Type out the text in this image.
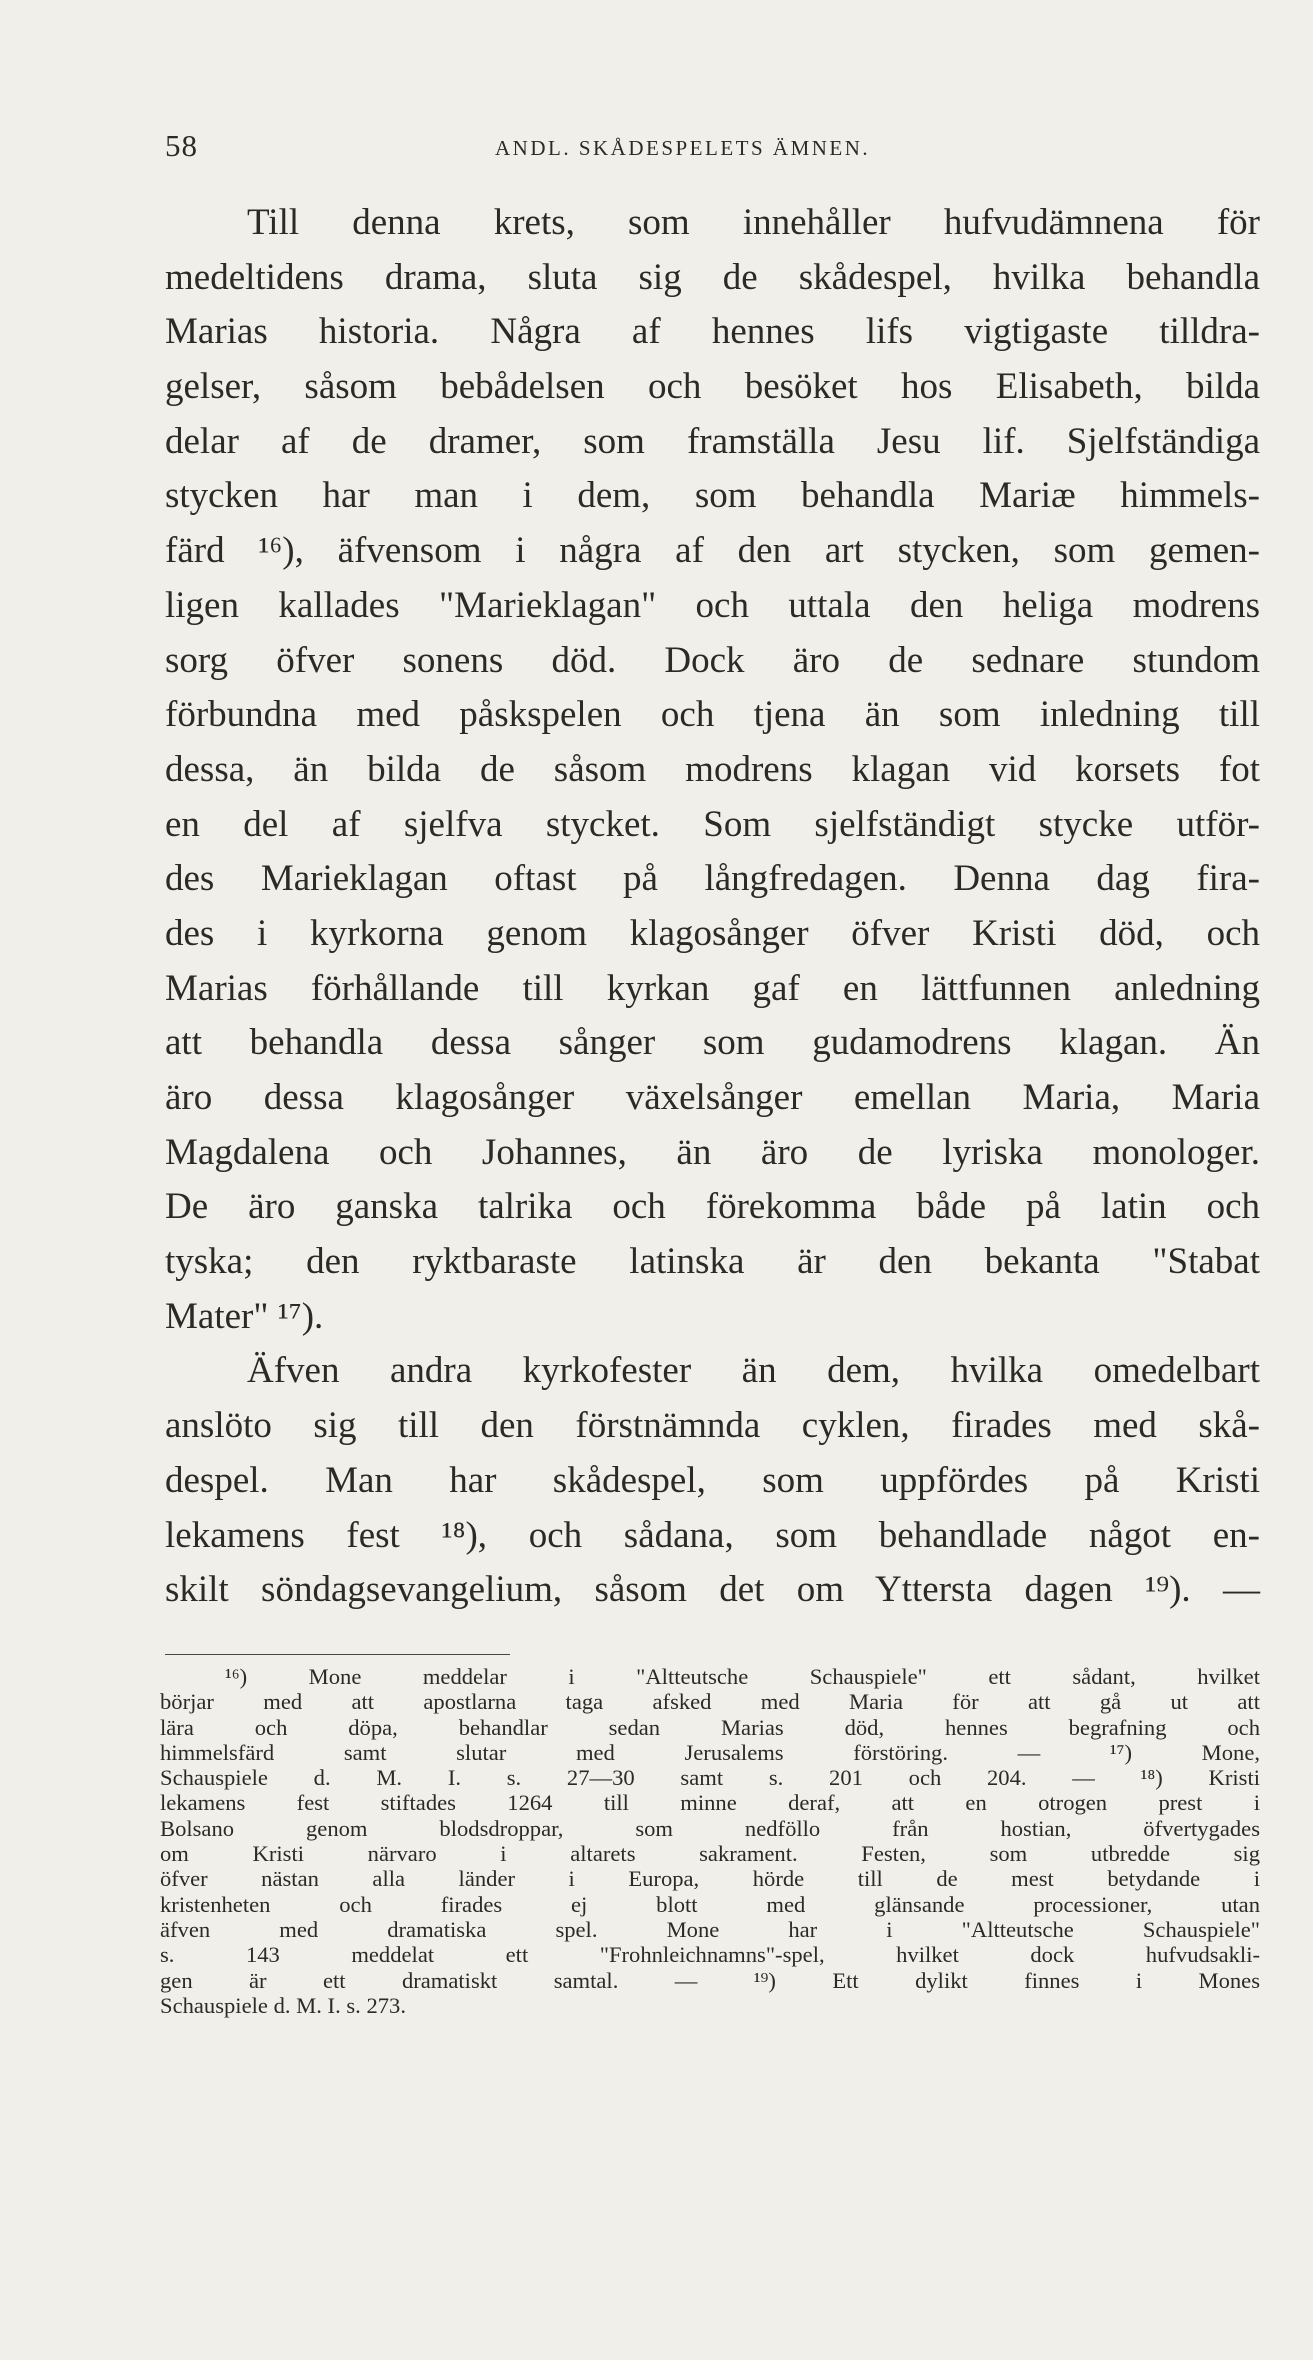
58	ANDL. SKÅDESPELETS ÄMNEN.
Till denna krets, som innehåller hufvudämnena för
medeltidens drama, sluta sig de skådespel, hvilka behandla
Marias historia. Några af hennes lifs vigtigaste tilldra-
gelser, såsom bebådelsen och besöket hos Elisabeth, bilda
delar af de dramer, som framställa Jesu lif. Sjelfständiga
stycken har man i dem, som behandla Mariæ himmels-
färd ¹⁶), äfvensom i några af den art stycken, som gemen-
ligen kallades "Marieklagan" och uttala den heliga modrens
sorg öfver sonens död. Dock äro de sednare stundom
förbundna med påskspelen och tjena än som inledning till
dessa, än bilda de såsom modrens klagan vid korsets fot
en del af sjelfva stycket. Som sjelfständigt stycke utför-
des Marieklagan oftast på långfredagen. Denna dag fira-
des i kyrkorna genom klagosånger öfver Kristi död, och
Marias förhållande till kyrkan gaf en lättfunnen anledning
att behandla dessa sånger som gudamodrens klagan. Än
äro dessa klagosånger växelsånger emellan Maria, Maria
Magdalena och Johannes, än äro de lyriska monologer.
De äro ganska talrika och förekomma både på latin och
tyska; den ryktbaraste latinska är den bekanta "Stabat
Mater" ¹⁷).
Äfven andra kyrkofester än dem, hvilka omedelbart
anslöto sig till den förstnämnda cyklen, firades med skå-
despel. Man har skådespel, som uppfördes på Kristi
lekamens fest ¹⁸), och sådana, som behandlade något en-
skilt söndagsevangelium, såsom det om Yttersta dagen ¹⁹). —
¹⁶) Mone meddelar i "Altteutsche Schauspiele" ett sådant, hvilket
börjar med att apostlarna taga afsked med Maria för att gå ut att
lära och döpa, behandlar sedan Marias död, hennes begrafning och
himmelsfärd samt slutar med Jerusalems förstöring. — ¹⁷) Mone,
Schauspiele d. M. I. s. 27—30 samt s. 201 och 204. — ¹⁸) Kristi
lekamens fest stiftades 1264 till minne deraf, att en otrogen prest i
Bolsano genom blodsdroppar, som nedföllo från hostian, öfvertygades
om Kristi närvaro i altarets sakrament. Festen, som utbredde sig
öfver nästan alla länder i Europa, hörde till de mest betydande i
kristenheten och firades ej blott med glänsande processioner, utan
äfven med dramatiska spel. Mone har i "Altteutsche Schauspiele"
s. 143 meddelat ett "Frohnleichnamns"-spel, hvilket dock hufvudsakli-
gen är ett dramatiskt samtal. — ¹⁹) Ett dylikt finnes i Mones
Schauspiele d. M. I. s. 273.
